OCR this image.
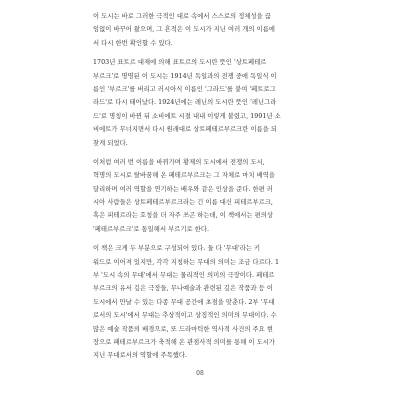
이 도시는 바로 그러한 극적인 대로 속에서 스스로의 정체성을 끊
임없이 바꾸어 왔으며, 그 흔적은 이 도시가 지닌 여러 개의 이름에
서 다시 한번 확인할 수 있다.

1703년 표트르 대제에 의해 표트르의 도시란 뜻인 '상트페테르
부르크'로 명명된 이 도시는 1914년 독일과의 전쟁 중에 독일식 이
름인 '부르크'를 버리고 러시아식 이름인 '그라드'를 붙여 '페트로그
라드'로 다시 태어났다. 1924년에는 레닌의 도시란 뜻인 '레닌그라
드'로 명칭이 바뀐 뒤 소비에트 시절 내내 이렇게 불렸고, 1991년 소
비에트가 무너지면서 다시 원래대로 상트페테르부르크란 이름을 되
찾게 되었다.

이처럼 여러 번 이름을 바꿔가며 황제의 도시에서 전쟁의 도시,
혁명의 도시로 탈바꿈해 온 페테르부르크는 그 자체로 마치 배역을
달리하며 여러 역할을 연기하는 배우와 같은 인상을 준다. 한편 러
시아 사람들은 상트페테르부르크라는 긴 이름 대신 피테르부르크,
혹은 피테르라는 호칭을 더 자주 쓰곤 하는데, 이 책에서는 편의상
'페테르부르크'로 통일해서 부르기로 한다.

이 책은 크게 두 부분으로 구성되어 있다. 둘 다 '무대'라는 키
워드로 이어져 있지만, 각각 지칭하는 무대의 의미는 조금 다르다. 1
부 '도시 속의 무대'에서 무대는 물리적인 의미의 극장이다. 페테르
부르크의 유서 깊은 극장들, 무나예술과 관련된 깊은 작품과 등 이
도시에서 만날 수 있는 다종 무대 공간에 초점을 맞춘다. 2부 '무대
로서의 도시'에서 무대는 추상적이고 상징적인 의미의 무대이다. 수
많은 예술 작품의 배경으로, 또 드라마틱한 역사적 사건의 주요 현
장으로 페테르부르크가 축적해 온 관점사적 의미를 통해 이 도시가
지닌 무대로서의 역할에 주목했다.

08
